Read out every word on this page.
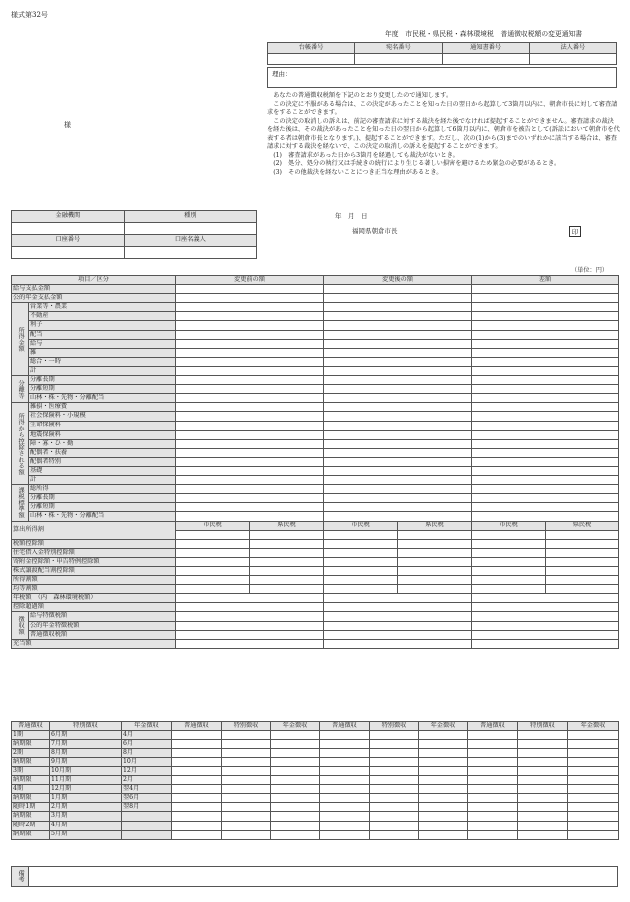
様式第32号
年度　市民税・県民税・森林環境税　普通徴収税額の変更通知書
様
台帳番号	宛名番号	通知書番号	法人番号

理由：

あなたの普通徴収税額を下記のとおり変更したので通知します。

この決定に不服がある場合は、この決定があったことを知った日の翌日から起算して3箇月以内に、朝倉市長に対して審査請求をすることができます。

この決定の取消しの訴えは、前記の審査請求に対する裁決を経た後でなければ提起することができません。審査請求の裁決を経た後は、その裁決があったことを知った日の翌日から起算して6箇月以内に、朝倉市を被告として(訴訟において朝倉市を代表する者は朝倉市長となります。)、提起することができます。ただし、次の(1)から(3)までのいずれかに該当する場合は、審査請求に対する裁決を経ないで、この決定の取消しの訴えを提起することができます。

(1)　審査請求があった日から3箇月を経過しても裁決がないとき。

(2)　処分、処分の執行又は手続きの続行により生じる著しい損害を避けるため緊急の必要があるとき。

(3)　その他裁決を経ないことにつき正当な理由があるとき。

年　月　日
福岡県朝倉市長	印
金融機関	種別

口座番号	口座名義人

（単位：円）
項目／区分		変更前の額		変更後の額		差額	
給与支払金額							
公的年金支払金額							
所得金額	営業等・農業						
	不動産						
	利子						
	配当						
	給与						
	雑						
	総合・一時						
	計						
分離等	分離長期						
	分離短期						
	山林・株・先物・分離配当						
所得から控除される額	雑損・医療費						
	社会保険料・小規模						
	生命保険料						
	地震保険料						
	障・寡・ひ・勤						
	配偶者・扶養						
	配偶者特別						
	基礎						
	計						
課税標準額	総所得						
	分離長期						
	分離短期						
	山林・株・先物・分離配当						
算出所得割		市民税	県民税	市民税	県民税	市民税	県民税

税額控除額							
住宅借入金特別控除額							
寄附金控除額・申告特例控除額							
株式譲渡配当割控除額							
所得割額							
均等割額							
年税額　（内　森林環境税額）							
控除超過額							
徴収額	給与特徴税額						
	公的年金特徴税額						
	普通徴収税額						
充当額							
普通徴収	特別徴収	年金徴収	普通徴収	特別徴収	年金徴収	普通徴収	特別徴収	年金徴収	普通徴収	特別徴収	年金徴収
1期	6月期	4月									
納期限	7月期	6月									
2期	8月期	8月									
納期限	9月期	10月									
3期	10月期	12月									
納期限	11月期	2月									
4期	12月期	翌4月									
納期限	1月期	翌6月									
随時1期	2月期	翌8月									
納期限	3月期										
随時2期	4月期										
納期限	5月期										
備考	
